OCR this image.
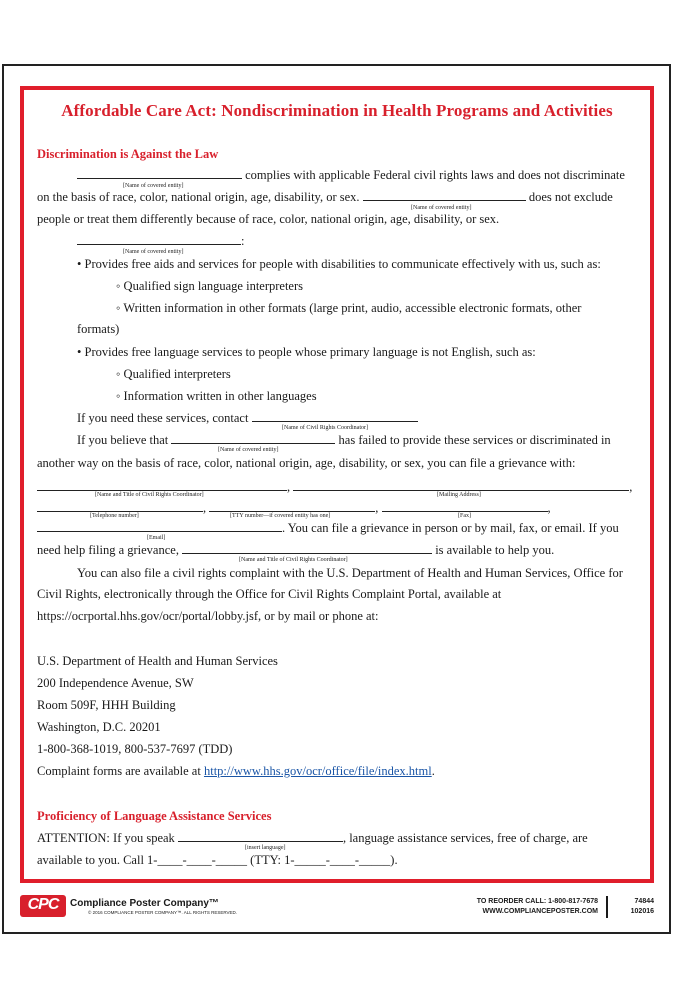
Affordable Care Act: Nondiscrimination in Health Programs and Activities
Discrimination is Against the Law
complies with applicable Federal civil rights laws and does not discriminate
[Name of covered entity]
on the basis of race, color, national origin, age, disability, or sex.	does not exclude
[Name of covered entity]
people or treat them differently because of race, color, national origin, age, disability, or sex.
:
[Name of covered entity]
• Provides free aids and services for people with disabilities to communicate effectively with us, such as:
◦ Qualified sign language interpreters
◦ Written information in other formats (large print, audio, accessible electronic formats, other
formats)
• Provides free language services to people whose primary language is not English, such as:
◦ Qualified interpreters
◦ Information written in other languages
If you need these services, contact
[Name of Civil Rights Coordinator]
If you believe that	has failed to provide these services or discriminated in
[Name of covered entity]
another way on the basis of race, color, national origin, age, disability, or sex, you can file a grievance with:
,	,
[Name and Title of Civil Rights Coordinator]	[Mailing Address]
,	,	,
[Telephone number]	[TTY number—if covered entity has one]	[Fax]
. You can file a grievance in person or by mail, fax, or email. If you
[Email]
need help filing a grievance,	is available to help you.
[Name and Title of Civil Rights Coordinator]
You can also file a civil rights complaint with the U.S. Department of Health and Human Services, Office for
Civil Rights, electronically through the Office for Civil Rights Complaint Portal, available at
https://ocrportal.hhs.gov/ocr/portal/lobby.jsf, or by mail or phone at:
U.S. Department of Health and Human Services
200 Independence Avenue, SW
Room 509F, HHH Building
Washington, D.C. 20201
1-800-368-1019, 800-537-7697 (TDD)
Complaint forms are available at http://www.hhs.gov/ocr/office/file/index.html.
Proficiency of Language Assistance Services
ATTENTION: If you speak	, language assistance services, free of charge, are
[insert language]
available to you. Call 1-____-____-_____ (TTY: 1-_____-____-_____).
CPC	Compliance Poster Company™
© 2016 COMPLIANCE POSTER COMPANY™. ALL RIGHTS RESERVED.
TO REORDER CALL: 1-800-817-7678
WWW.COMPLIANCEPOSTER.COM
74844
102016
